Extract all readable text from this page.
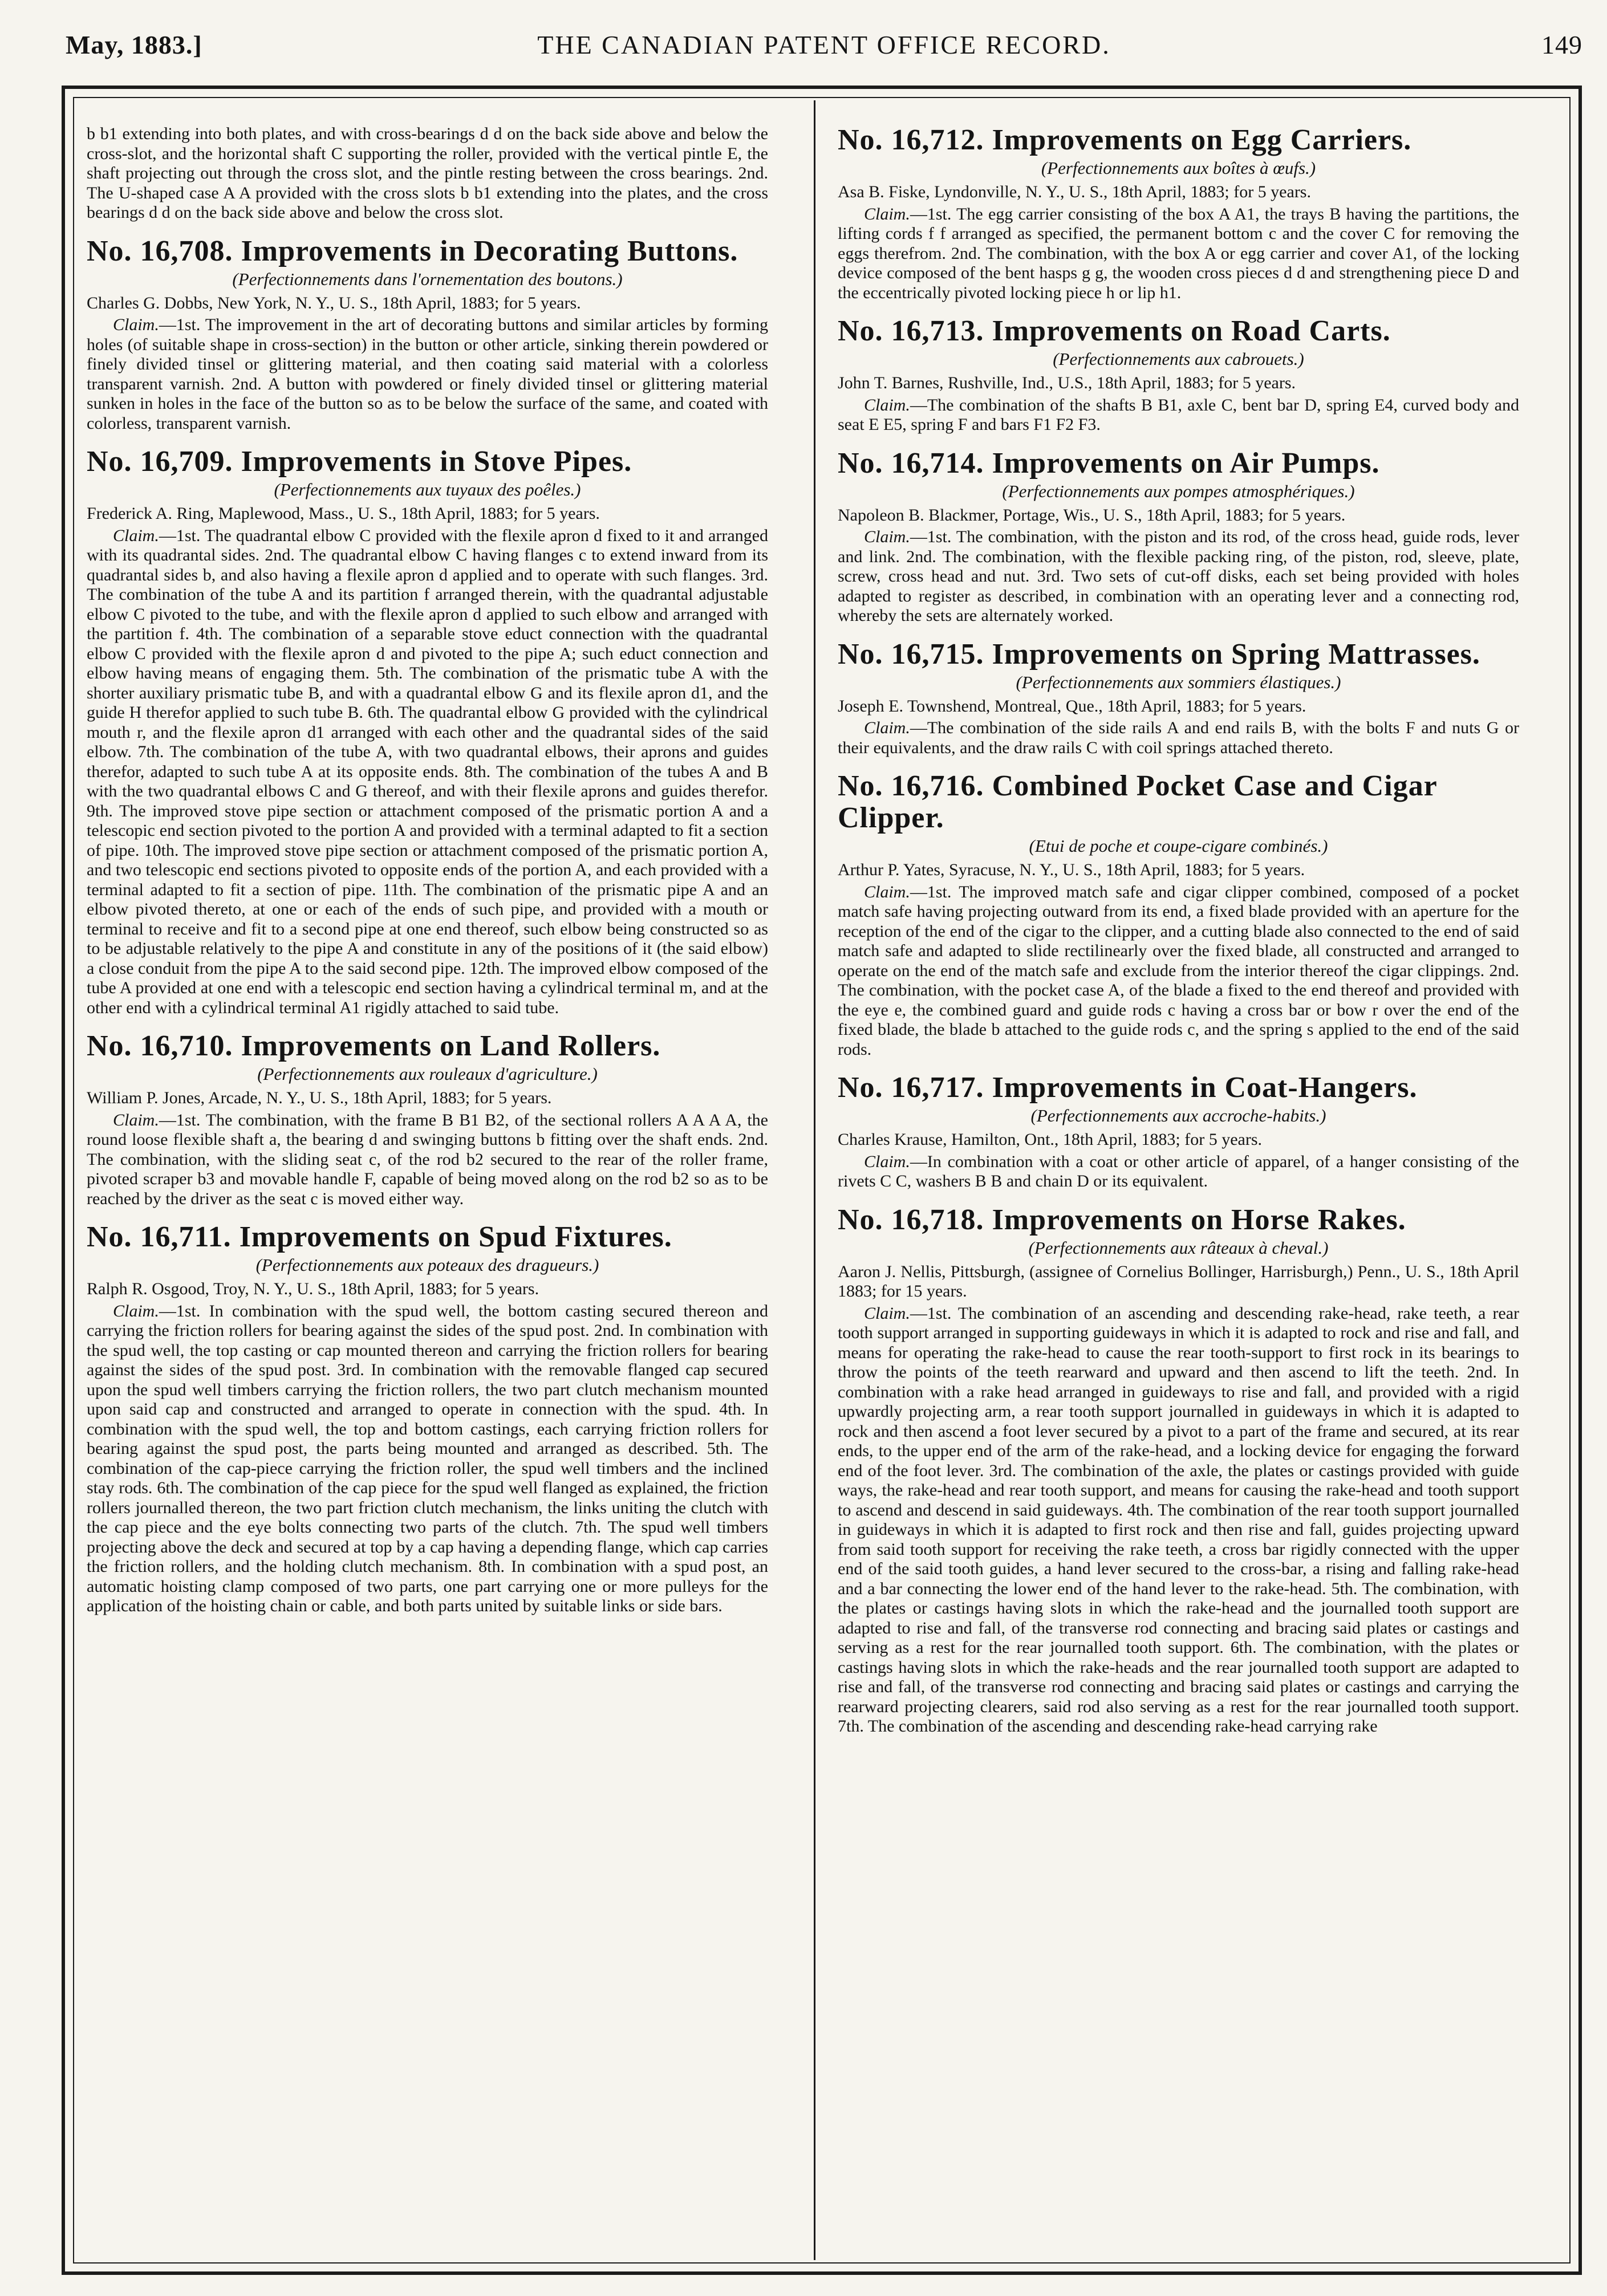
May, 1883.]	THE CANADIAN PATENT OFFICE RECORD.	149

b b1 extending into both plates, and with cross-bearings d d on the back side above and below the cross-slot, and the horizontal shaft C supporting the roller, provided with the vertical pintle E, the shaft projecting out through the cross slot, and the pintle resting between the cross bearings. 2nd. The U-shaped case A A provided with the cross slots b b1 extending into the plates, and the cross bearings d d on the back side above and below the cross slot.

No. 16,708. Improvements in Decorating Buttons.
(Perfectionnements dans l'ornementation des boutons.)

Charles G. Dobbs, New York, N. Y., U. S., 18th April, 1883; for 5 years.

Claim.—1st. The improvement in the art of decorating buttons and similar articles by forming holes (of suitable shape in cross-section) in the button or other article, sinking therein powdered or finely divided tinsel or glittering material, and then coating said material with a colorless transparent varnish. 2nd. A button with powdered or finely divided tinsel or glittering material sunken in holes in the face of the button so as to be below the surface of the same, and coated with colorless, transparent varnish.

No. 16,709. Improvements in Stove Pipes.
(Perfectionnements aux tuyaux des poêles.)

Frederick A. Ring, Maplewood, Mass., U. S., 18th April, 1883; for 5 years.

Claim.—1st. The quadrantal elbow C provided with the flexile apron d fixed to it and arranged with its quadrantal sides. 2nd. The quadrantal elbow C having flanges c to extend inward from its quadrantal sides b, and also having a flexile apron d applied and to operate with such flanges. 3rd. The combination of the tube A and its partition f arranged therein, with the quadrantal adjustable elbow C pivoted to the tube, and with the flexile apron d applied to such elbow and arranged with the partition f. 4th. The combination of a separable stove educt connection with the quadrantal elbow C provided with the flexile apron d and pivoted to the pipe A; such educt connection and elbow having means of engaging them. 5th. The combination of the prismatic tube A with the shorter auxiliary prismatic tube B, and with a quadrantal elbow G and its flexile apron d1, and the guide H therefor applied to such tube B. 6th. The quadrantal elbow G provided with the cylindrical mouth r, and the flexile apron d1 arranged with each other and the quadrantal sides of the said elbow. 7th. The combination of the tube A, with two quadrantal elbows, their aprons and guides therefor, adapted to such tube A at its opposite ends. 8th. The combination of the tubes A and B with the two quadrantal elbows C and G thereof, and with their flexile aprons and guides therefor. 9th. The improved stove pipe section or attachment composed of the prismatic portion A and a telescopic end section pivoted to the portion A and provided with a terminal adapted to fit a section of pipe. 10th. The improved stove pipe section or attachment composed of the prismatic portion A, and two telescopic end sections pivoted to opposite ends of the portion A, and each provided with a terminal adapted to fit a section of pipe. 11th. The combination of the prismatic pipe A and an elbow pivoted thereto, at one or each of the ends of such pipe, and provided with a mouth or terminal to receive and fit to a second pipe at one end thereof, such elbow being constructed so as to be adjustable relatively to the pipe A and constitute in any of the positions of it (the said elbow) a close conduit from the pipe A to the said second pipe. 12th. The improved elbow composed of the tube A provided at one end with a telescopic end section having a cylindrical terminal m, and at the other end with a cylindrical terminal A1 rigidly attached to said tube.

No. 16,710. Improvements on Land Rollers.
(Perfectionnements aux rouleaux d'agriculture.)

William P. Jones, Arcade, N. Y., U. S., 18th April, 1883; for 5 years.

Claim.—1st. The combination, with the frame B B1 B2, of the sectional rollers A A A A, the round loose flexible shaft a, the bearing d and swinging buttons b fitting over the shaft ends. 2nd. The combination, with the sliding seat c, of the rod b2 secured to the rear of the roller frame, pivoted scraper b3 and movable handle F, capable of being moved along on the rod b2 so as to be reached by the driver as the seat c is moved either way.

No. 16,711. Improvements on Spud Fixtures.
(Perfectionnements aux poteaux des dragueurs.)

Ralph R. Osgood, Troy, N. Y., U. S., 18th April, 1883; for 5 years.

Claim.—1st. In combination with the spud well, the bottom casting secured thereon and carrying the friction rollers for bearing against the sides of the spud post. 2nd. In combination with the spud well, the top casting or cap mounted thereon and carrying the friction rollers for bearing against the sides of the spud post. 3rd. In combination with the removable flanged cap secured upon the spud well timbers carrying the friction rollers, the two part clutch mechanism mounted upon said cap and constructed and arranged to operate in connection with the spud. 4th. In combination with the spud well, the top and bottom castings, each carrying friction rollers for bearing against the spud post, the parts being mounted and arranged as described. 5th. The combination of the cap-piece carrying the friction roller, the spud well timbers and the inclined stay rods. 6th. The combination of the cap piece for the spud well flanged as explained, the friction rollers journalled thereon, the two part friction clutch mechanism, the links uniting the clutch with the cap piece and the eye bolts connecting two parts of the clutch. 7th. The spud well timbers projecting above the deck and secured at top by a cap having a depending flange, which cap carries the friction rollers, and the holding clutch mechanism. 8th. In combination with a spud post, an automatic hoisting clamp composed of two parts, one part carrying one or more pulleys for the application of the hoisting chain or cable, and both parts united by suitable links or side bars.

No. 16,712. Improvements on Egg Carriers.
(Perfectionnements aux boîtes à œufs.)

Asa B. Fiske, Lyndonville, N. Y., U. S., 18th April, 1883; for 5 years.

Claim.—1st. The egg carrier consisting of the box A A1, the trays B having the partitions, the lifting cords f f arranged as specified, the permanent bottom c and the cover C for removing the eggs therefrom. 2nd. The combination, with the box A or egg carrier and cover A1, of the locking device composed of the bent hasps g g, the wooden cross pieces d d and strengthening piece D and the eccentrically pivoted locking piece h or lip h1.

No. 16,713. Improvements on Road Carts.
(Perfectionnements aux cabrouets.)

John T. Barnes, Rushville, Ind., U.S., 18th April, 1883; for 5 years.

Claim.—The combination of the shafts B B1, axle C, bent bar D, spring E4, curved body and seat E E5, spring F and bars F1 F2 F3.

No. 16,714. Improvements on Air Pumps.
(Perfectionnements aux pompes atmosphériques.)

Napoleon B. Blackmer, Portage, Wis., U. S., 18th April, 1883; for 5 years.

Claim.—1st. The combination, with the piston and its rod, of the cross head, guide rods, lever and link. 2nd. The combination, with the flexible packing ring, of the piston, rod, sleeve, plate, screw, cross head and nut. 3rd. Two sets of cut-off disks, each set being provided with holes adapted to register as described, in combination with an operating lever and a connecting rod, whereby the sets are alternately worked.

No. 16,715. Improvements on Spring Mattrasses.
(Perfectionnements aux sommiers élastiques.)

Joseph E. Townshend, Montreal, Que., 18th April, 1883; for 5 years.

Claim.—The combination of the side rails A and end rails B, with the bolts F and nuts G or their equivalents, and the draw rails C with coil springs attached thereto.

No. 16,716. Combined Pocket Case and Cigar Clipper.
(Etui de poche et coupe-cigare combinés.)

Arthur P. Yates, Syracuse, N. Y., U. S., 18th April, 1883; for 5 years.

Claim.—1st. The improved match safe and cigar clipper combined, composed of a pocket match safe having projecting outward from its end, a fixed blade provided with an aperture for the reception of the end of the cigar to the clipper, and a cutting blade also connected to the end of said match safe and adapted to slide rectilinearly over the fixed blade, all constructed and arranged to operate on the end of the match safe and exclude from the interior thereof the cigar clippings. 2nd. The combination, with the pocket case A, of the blade a fixed to the end thereof and provided with the eye e, the combined guard and guide rods c having a cross bar or bow r over the end of the fixed blade, the blade b attached to the guide rods c, and the spring s applied to the end of the said rods.

No. 16,717. Improvements in Coat-Hangers.
(Perfectionnements aux accroche-habits.)

Charles Krause, Hamilton, Ont., 18th April, 1883; for 5 years.

Claim.—In combination with a coat or other article of apparel, of a hanger consisting of the rivets C C, washers B B and chain D or its equivalent.

No. 16,718. Improvements on Horse Rakes.
(Perfectionnements aux râteaux à cheval.)

Aaron J. Nellis, Pittsburgh, (assignee of Cornelius Bollinger, Harrisburgh,) Penn., U. S., 18th April 1883; for 15 years.

Claim.—1st. The combination of an ascending and descending rake-head, rake teeth, a rear tooth support arranged in supporting guideways in which it is adapted to rock and rise and fall, and means for operating the rake-head to cause the rear tooth-support to first rock in its bearings to throw the points of the teeth rearward and upward and then ascend to lift the teeth. 2nd. In combination with a rake head arranged in guideways to rise and fall, and provided with a rigid upwardly projecting arm, a rear tooth support journalled in guideways in which it is adapted to rock and then ascend a foot lever secured by a pivot to a part of the frame and secured, at its rear ends, to the upper end of the arm of the rake-head, and a locking device for engaging the forward end of the foot lever. 3rd. The combination of the axle, the plates or castings provided with guide ways, the rake-head and rear tooth support, and means for causing the rake-head and tooth support to ascend and descend in said guideways. 4th. The combination of the rear tooth support journalled in guideways in which it is adapted to first rock and then rise and fall, guides projecting upward from said tooth support for receiving the rake teeth, a cross bar rigidly connected with the upper end of the said tooth guides, a hand lever secured to the cross-bar, a rising and falling rake-head and a bar connecting the lower end of the hand lever to the rake-head. 5th. The combination, with the plates or castings having slots in which the rake-head and the journalled tooth support are adapted to rise and fall, of the transverse rod connecting and bracing said plates or castings and serving as a rest for the rear journalled tooth support. 6th. The combination, with the plates or castings having slots in which the rake-heads and the rear journalled tooth support are adapted to rise and fall, of the transverse rod connecting and bracing said plates or castings and carrying the rearward projecting clearers, said rod also serving as a rest for the rear journalled tooth support. 7th. The combination of the ascending and descending rake-head carrying rake
